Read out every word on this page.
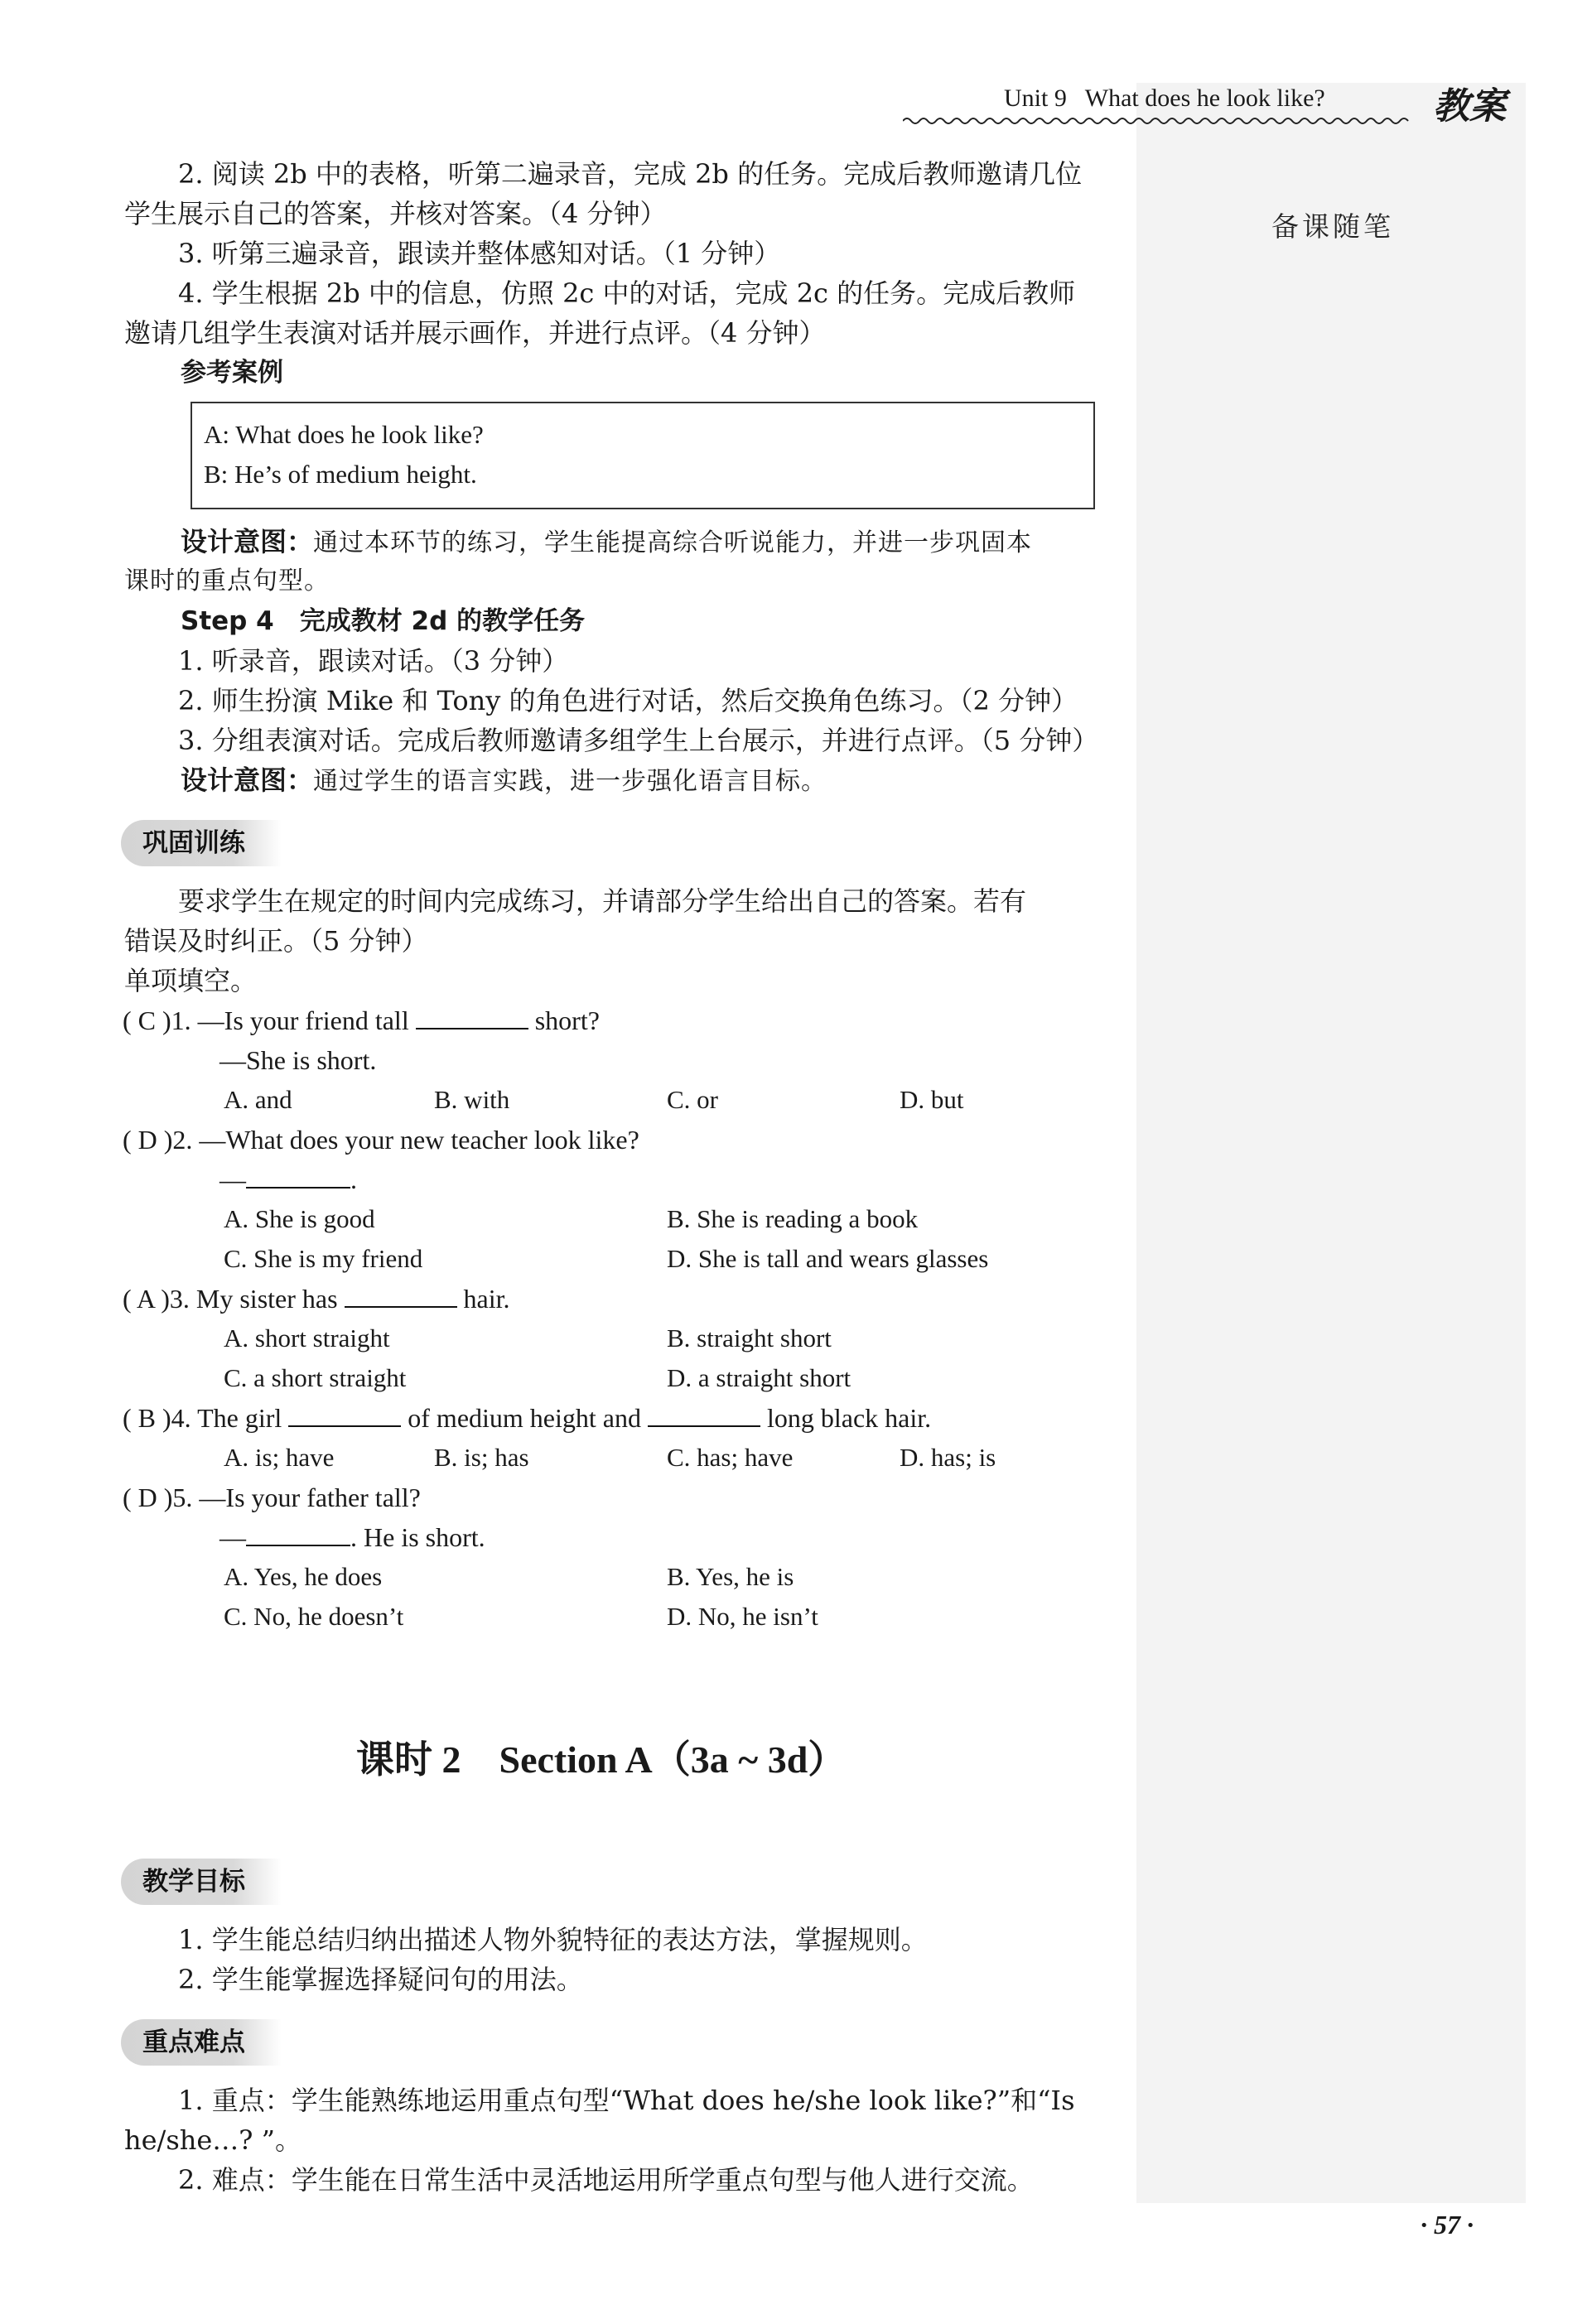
备课随笔
Unit 9   What does he look like?	教案
2. 阅读 2b 中的表格，听第二遍录音，完成 2b 的任务。完成后教师邀请几位
学生展示自己的答案，并核对答案。（4 分钟）
3. 听第三遍录音，跟读并整体感知对话。（1 分钟）
4. 学生根据 2b 中的信息，仿照 2c 中的对话，完成 2c 的任务。完成后教师
邀请几组学生表演对话并展示画作，并进行点评。（4 分钟）
参考案例
A: What does he look like?
B: He’s of medium height.
设计意图：通过本环节的练习，学生能提高综合听说能力，并进一步巩固本
课时的重点句型。
Step 4　完成教材 2d 的教学任务
1. 听录音，跟读对话。（3 分钟）
2. 师生扮演 Mike 和 Tony 的角色进行对话，然后交换角色练习。（2 分钟）
3. 分组表演对话。完成后教师邀请多组学生上台展示，并进行点评。（5 分钟）
设计意图：通过学生的语言实践，进一步强化语言目标。
巩固训练
要求学生在规定的时间内完成练习，并请部分学生给出自己的答案。若有
错误及时纠正。（5 分钟）
单项填空。
( C )1. —Is your friend tall	short?
—She is short.
A. and	B. with	C. or	D. but
( D )2. —What does your new teacher look like?
—	.
A. She is good	B. She is reading a book
C. She is my friend	D. She is tall and wears glasses
( A )3. My sister has	hair.
A. short straight	B. straight short
C. a short straight	D. a straight short
( B )4. The girl	of medium height and	long black hair.
A. is; have	B. is; has	C. has; have	D. has; is
( D )5. —Is your father tall?
—	. He is short.
A. Yes, he does	B. Yes, he is
C. No, he doesn’t	D. No, he isn’t
课时 2　Section A（3a ~ 3d）
教学目标
1. 学生能总结归纳出描述人物外貌特征的表达方法，掌握规则。
2. 学生能掌握选择疑问句的用法。
重点难点
1. 重点：学生能熟练地运用重点句型“What does he/she look like?”和“Is
he/she…? ”。
2. 难点：学生能在日常生活中灵活地运用所学重点句型与他人进行交流。
· 57 ·
